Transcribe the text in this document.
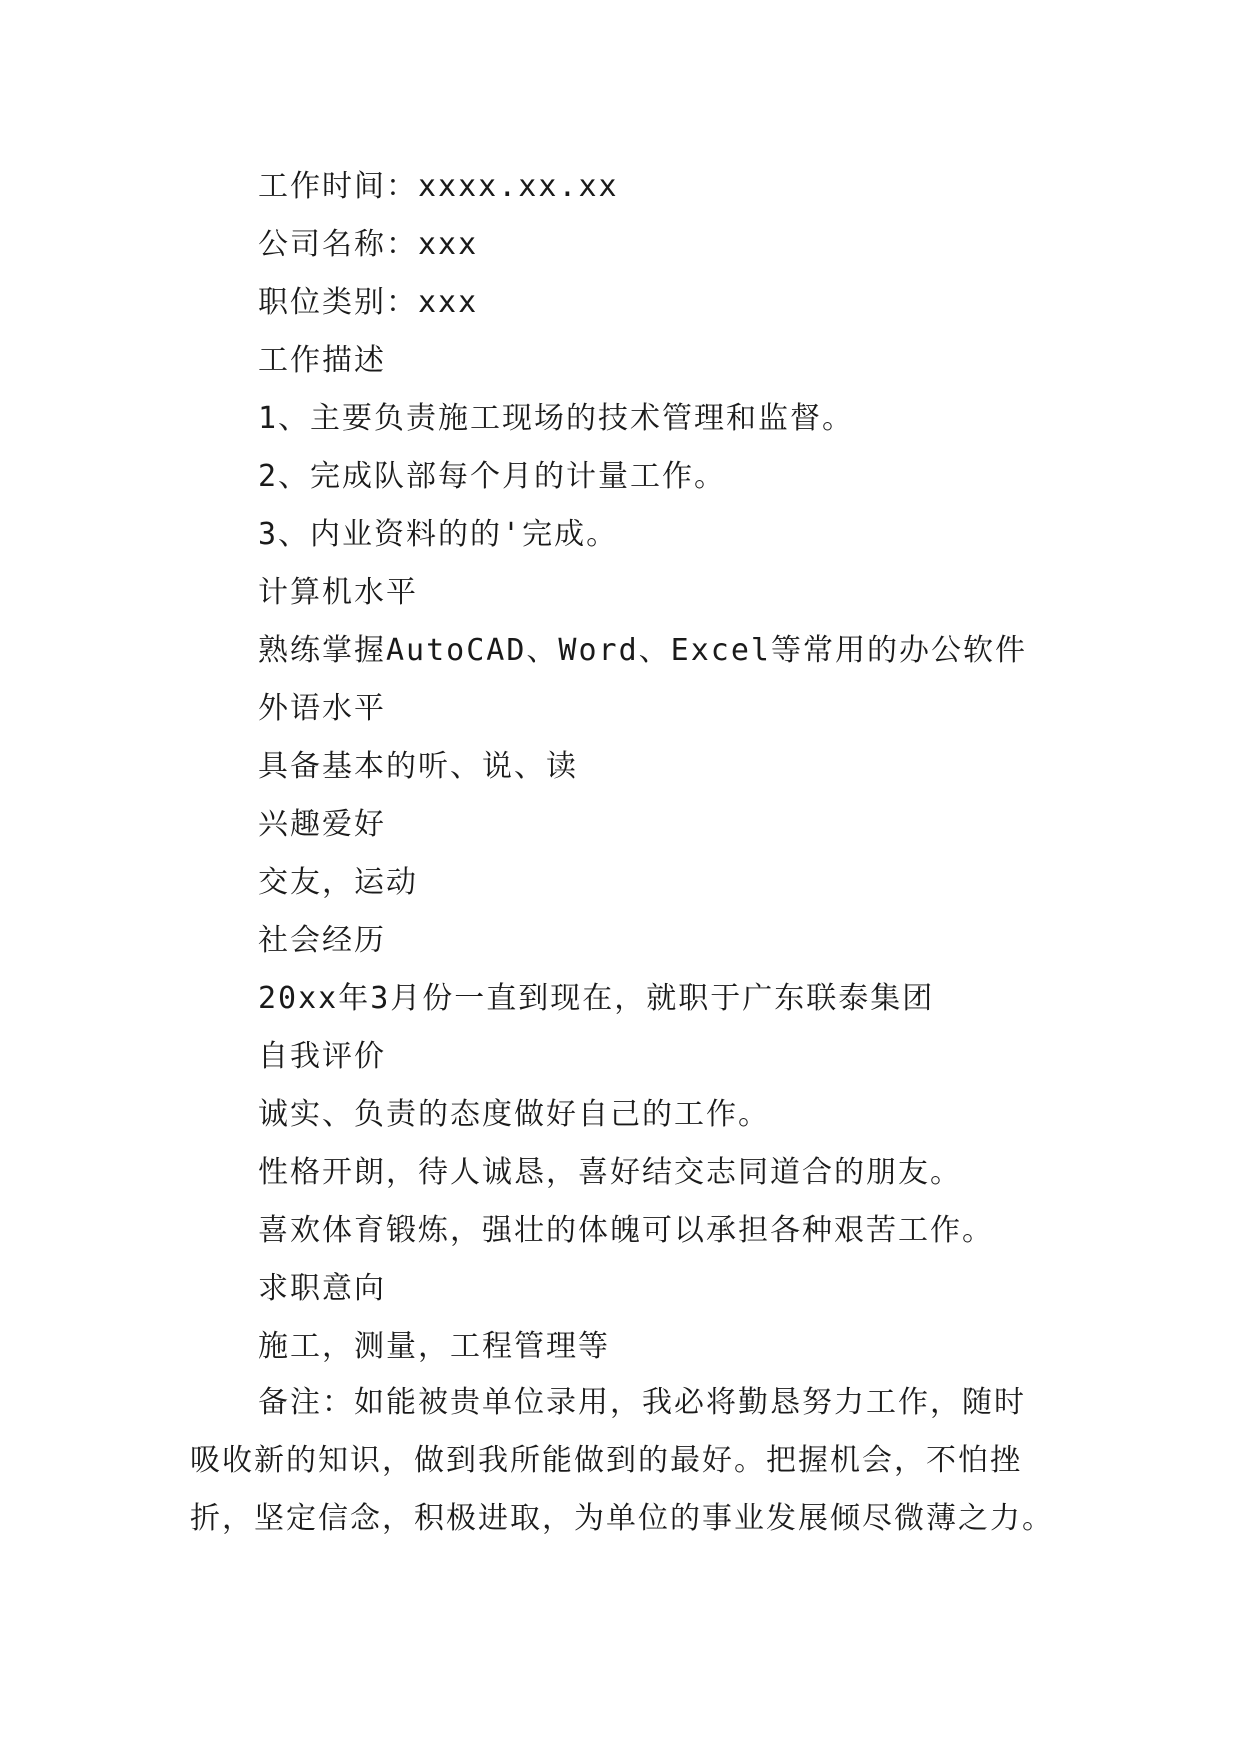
工作时间：xxxx.xx.xx
公司名称：xxx
职位类别：xxx
工作描述
1、主要负责施工现场的技术管理和监督。
2、完成队部每个月的计量工作。
3、内业资料的的'完成。
计算机水平
熟练掌握AutoCAD、Word、Excel等常用的办公软件
外语水平
具备基本的听、说、读
兴趣爱好
交友，运动
社会经历
20xx年3月份一直到现在，就职于广东联泰集团
自我评价
诚实、负责的态度做好自己的工作。
性格开朗，待人诚恳，喜好结交志同道合的朋友。
喜欢体育锻炼，强壮的体魄可以承担各种艰苦工作。
求职意向
施工，测量，工程管理等
备注：如能被贵单位录用，我必将勤恳努力工作，随时
吸收新的知识，做到我所能做到的最好。把握机会，不怕挫
折，坚定信念，积极进取，为单位的事业发展倾尽微薄之力。
